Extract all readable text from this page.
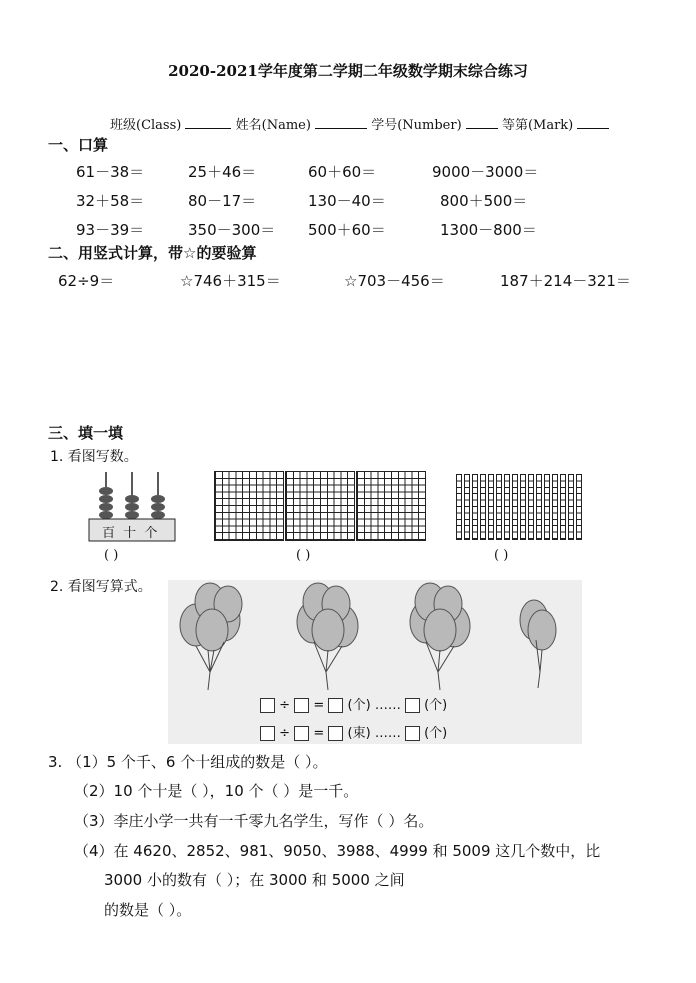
2020-2021学年度第二学期二年级数学期末综合练习
班级(Class)	姓名(Name)	学号(Number)	等第(Mark)
一、口算
61－38＝	25＋46＝	60＋60＝	9000－3000＝
32＋58＝	80－17＝	130－40＝	800＋500＝
93－39＝	350－300＝ 500＋60＝	1300－800＝
二、用竖式计算，带☆的要验算
62÷9＝	☆746＋315＝	☆703－456＝	187＋214－321＝
三、填一填
1. 看图写数。
百 十 个
( )	( )	( )
2. 看图写算式。
÷ = (个) …… (个)
÷ = (束) …… (个)
3. （1）5 个千、6 个十组成的数是（ ）。
（2）10 个十是（ ），10 个（ ）是一千。
（3）李庄小学一共有一千零九名学生，写作（ ）名。
（4）在 4620、2852、981、9050、3988、4999 和 5009 这几个数中，比
3000 小的数有（ ）；在 3000 和 5000 之间
的数是（ ）。
